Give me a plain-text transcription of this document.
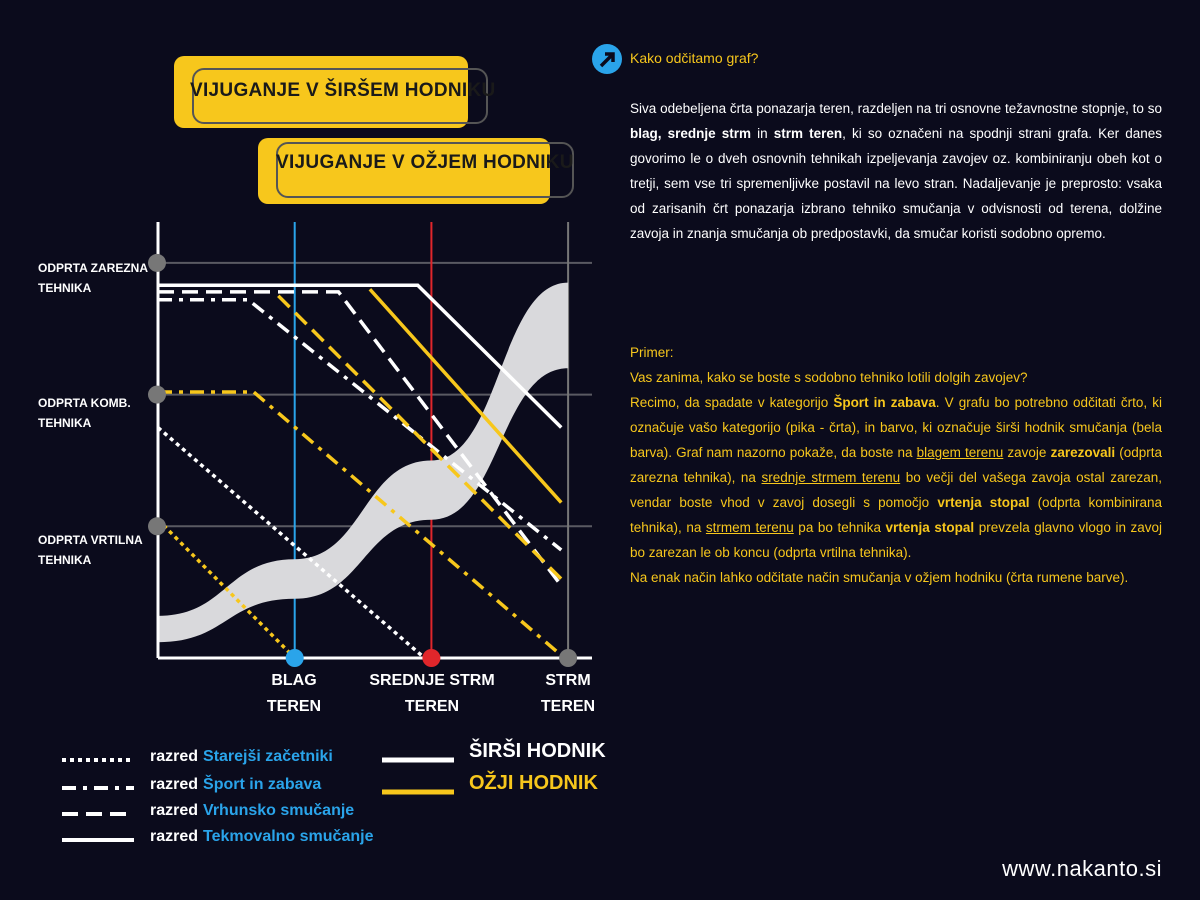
VIJUGANJE V ŠIRŠEM HODNIKU
VIJUGANJE V OŽJEM HODNIKU
ODPRTA ZAREZNA
TEHNIKA
ODPRTA KOMB.
TEHNIKA
ODPRTA VRTILNA
TEHNIKA
BLAG
TEREN
SREDNJE STRM
TEREN
STRM
TEREN
razred Starejši začetniki
razred Šport in zabava
razred Vrhunsko smučanje
razred Tekmovalno smučanje
ŠIRŠI HODNIK
OŽJI HODNIK
Kako odčitamo graf?
Siva odebeljena črta ponazarja teren, razdeljen na tri osnovne težavnostne stopnje, to so blag, srednje strm in strm teren, ki so označeni na spodnji strani grafa. Ker danes govorimo le o dveh osnovnih tehnikah izpeljevanja zavojev oz. kombiniranju obeh kot o tretji, sem vse tri spremenljivke postavil na levo stran. Nadaljevanje je preprosto: vsaka od zarisanih črt ponazarja izbrano tehniko smučanja v odvisnosti od terena, dolžine zavoja in znanja smučanja ob predpostavki, da smučar koristi sodobno opremo.
Primer:
Vas zanima, kako se boste s sodobno tehniko lotili dolgih zavojev?
Recimo, da spadate v kategorijo Šport in zabava. V grafu bo potrebno odčitati črto, ki označuje vašo kategorijo (pika - črta), in barvo, ki označuje širši hodnik smučanja (bela barva). Graf nam nazorno pokaže, da boste na blagem terenu zavoje zarezovali (odprta zarezna tehnika), na srednje strmem terenu bo večji del vašega zavoja ostal zarezan, vendar boste vhod v zavoj dosegli s pomočjo vrtenja stopal (odprta kombinirana tehnika), na strmem terenu pa bo tehnika vrtenja stopal prevzela glavno vlogo in zavoj bo zarezan le ob koncu (odprta vrtilna tehnika).
Na enak način lahko odčitate način smučanja v ožjem hodniku (črta rumene barve).
www.nakanto.si
